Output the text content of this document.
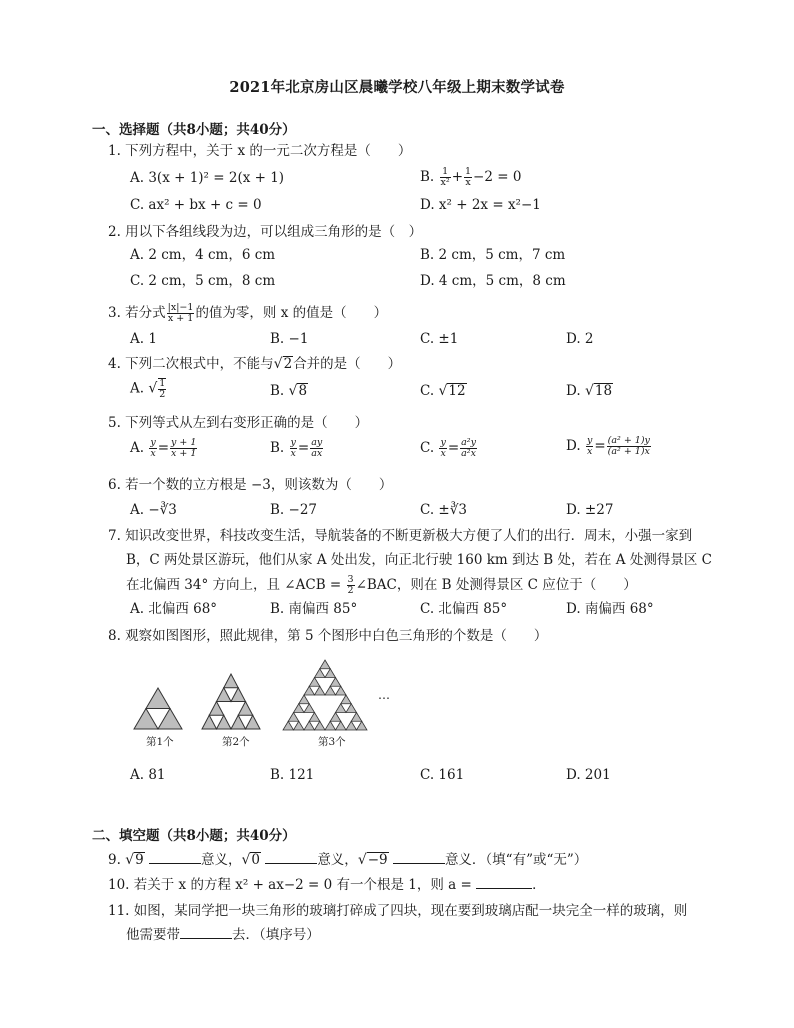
2021年北京房山区晨曦学校八年级上期末数学试卷
一、选择题（共8小题；共40分）
1. 下列方程中，关于 x 的一元二次方程是（　　）
A. 3(x + 1)² = 2(x + 1)	B. $\frac{1}{\text{x²}} + \frac{1}{x} -2 = 0$
C. ax² + bx + c = 0	D. x² + 2x = x²−1
2. 用以下各组线段为边，可以组成三角形的是（　）
A. 2 cm，4 cm，6 cm	B. 2 cm，5 cm，7 cm
C. 2 cm，5 cm，8 cm	D. 4 cm，5 cm，8 cm
3. 若分式 $\frac{|x|-1}{x + 1}$ 的值为零，则 x 的值是（　　）
A. 1	B. −1	C. ±1	D. 2
4. 下列二次根式中，不能与√2合并的是（　　）
A. √ $\frac{1}{2}$	B. √8	C. √12	D. √18
5. 下列等式从左到右变形正确的是（　　）
A. $\frac{y}{x} = \frac{y + 1}{x + 1}$	B. $\frac{y}{x} = \frac{ay}{ax}$	C. $\frac{y}{x} = \frac{\text{a²y}}{\text{a²x}}$	D. $\frac{y}{x} = \frac{\text{(a² + 1)y}}{\text{(a² + 1)x}}$
6. 若一个数的立方根是 −3，则该数为（　　）
A. −∛3	B. −27	C. ±∛3	D. ±27
7. 知识改变世界，科技改变生活，导航装备的不断更新极大方便了人们的出行．周末，小强一家到
B，C 两处景区游玩，他们从家 A 处出发，向正北行驶 160 km 到达 B 处，若在 A 处测得景区 C
在北偏西 34° 方向上，且 ∠ACB = $\frac{3}{2}$ ∠BAC，则在 B 处测得景区 C 应位于（　　）
A. 北偏西 68°	B. 南偏西 85°	C. 北偏西 85°	D. 南偏西 68°
8. 观察如图图形，照此规律，第 5 个图形中白色三角形的个数是（　　）
第1个	第2个	第3个
…
A. 81	B. 121	C. 161	D. 201
二、填空题（共8小题；共40分）
9. √9	意义，√0	意义，√−9	意义．（填“有”或“无”）
10. 若关于 x 的方程 x² + ax−2 = 0 有一个根是 1，则 a =	．
11. 如图，某同学把一块三角形的玻璃打碎成了四块，现在要到玻璃店配一块完全一样的玻璃，则
他需要带	去．（填序号）
